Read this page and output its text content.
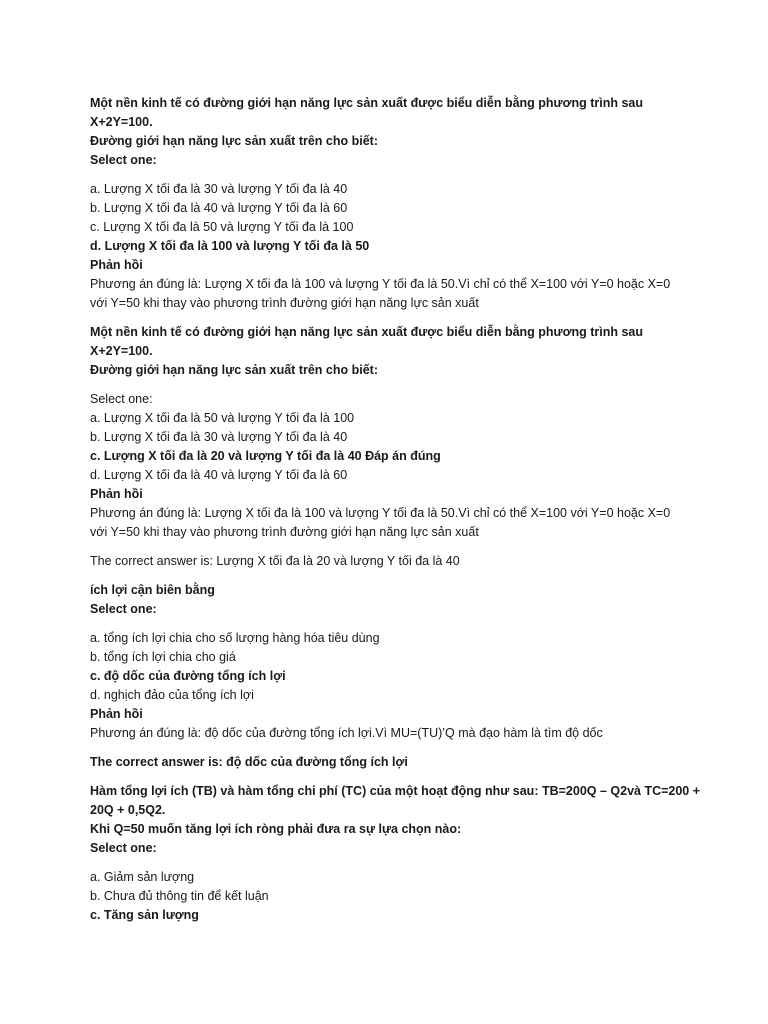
Một nền kinh tế có đường giới hạn năng lực sản xuất được biểu diễn bằng phương trình sau

X+2Y=100.

Đường giới hạn năng lực sản xuất trên cho biết:

Select one:

a. Lượng X tối đa là 30 và lượng Y tối đa là 40

b. Lượng X tối đa là 40 và lượng Y tối đa là 60

c. Lượng X tối đa là 50 và lượng Y tối đa là 100

d. Lượng X tối đa là 100 và lượng Y tối đa là 50

Phản hồi

Phương án đúng là: Lượng X tối đa là 100 và lượng Y tối đa là 50.Vì chỉ có thể X=100 với Y=0 hoặc X=0

với Y=50 khi thay vào phương trình đường giới hạn năng lực sản xuất

Một nền kinh tế có đường giới hạn năng lực sản xuất được biểu diễn bằng phương trình sau

X+2Y=100.

Đường giới hạn năng lực sản xuất trên cho biết:

Select one:

a. Lượng X tối đa là 50 và lượng Y tối đa là 100

b. Lượng X tối đa là 30 và lượng Y tối đa là 40

c. Lượng X tối đa là 20 và lượng Y tối đa là 40 Đáp án đúng

d. Lượng X tối đa là 40 và lượng Y tối đa là 60

Phản hồi

Phương án đúng là: Lượng X tối đa là 100 và lượng Y tối đa là 50.Vì chỉ có thể X=100 với Y=0 hoặc X=0

với Y=50 khi thay vào phương trình đường giới hạn năng lực sản xuất

The correct answer is: Lượng X tối đa là 20 và lượng Y tối đa là 40

ích lợi cận biên bằng

Select one:

a. tổng ích lợi chia cho số lượng hàng hóa tiêu dùng

b. tổng ích lợi chia cho giá

c. độ dốc của đường tổng ích lợi

d. nghịch đảo của tổng ích lợi

Phản hồi

Phương án đúng là: độ dốc của đường tổng ích lợi.Vì MU=(TU)’Q mà đạo hàm là tìm độ dốc

The correct answer is: độ dốc của đường tổng ích lợi

Hàm tổng lợi ích (TB) và hàm tổng chi phí (TC) của một hoạt động như sau: TB=200Q – Q2và TC=200 +

20Q + 0,5Q2.

Khi Q=50 muốn tăng lợi ích ròng phải đưa ra sự lựa chọn nào:

Select one:

a. Giảm sản lượng

b. Chưa đủ thông tin để kết luận

c. Tăng sản lượng
